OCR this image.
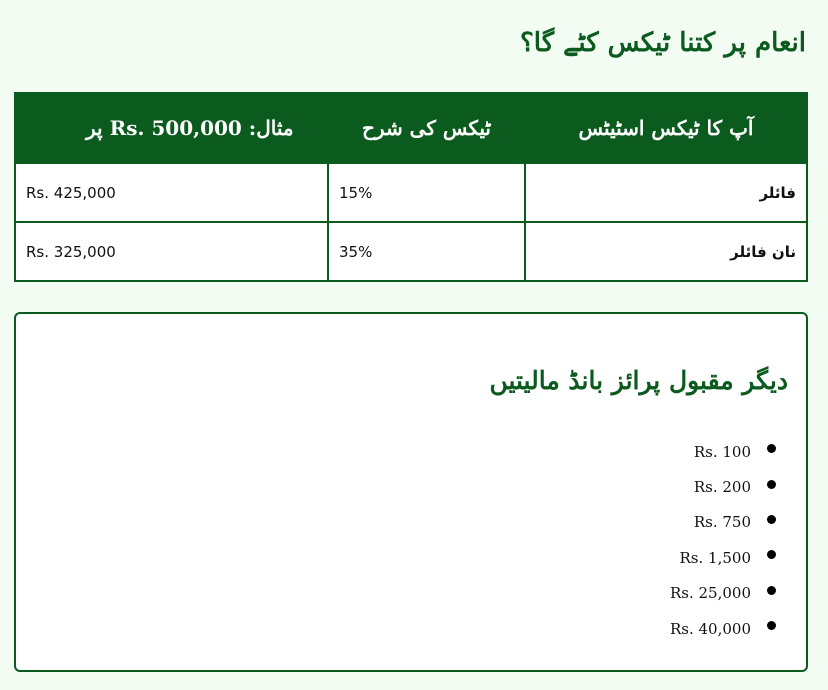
انعام پر کتنا ٹیکس کٹے گا؟
آپ کا ٹیکس اسٹیٹس	ٹیکس کی شرح	مثال: Rs. 500,000 پر
فائلر	15%	Rs. 425,000
نان فائلر	35%	Rs. 325,000
دیگر مقبول پرائز بانڈ مالیتیں
Rs. 100
Rs. 200
Rs. 750
Rs. 1,500
Rs. 25,000
Rs. 40,000
